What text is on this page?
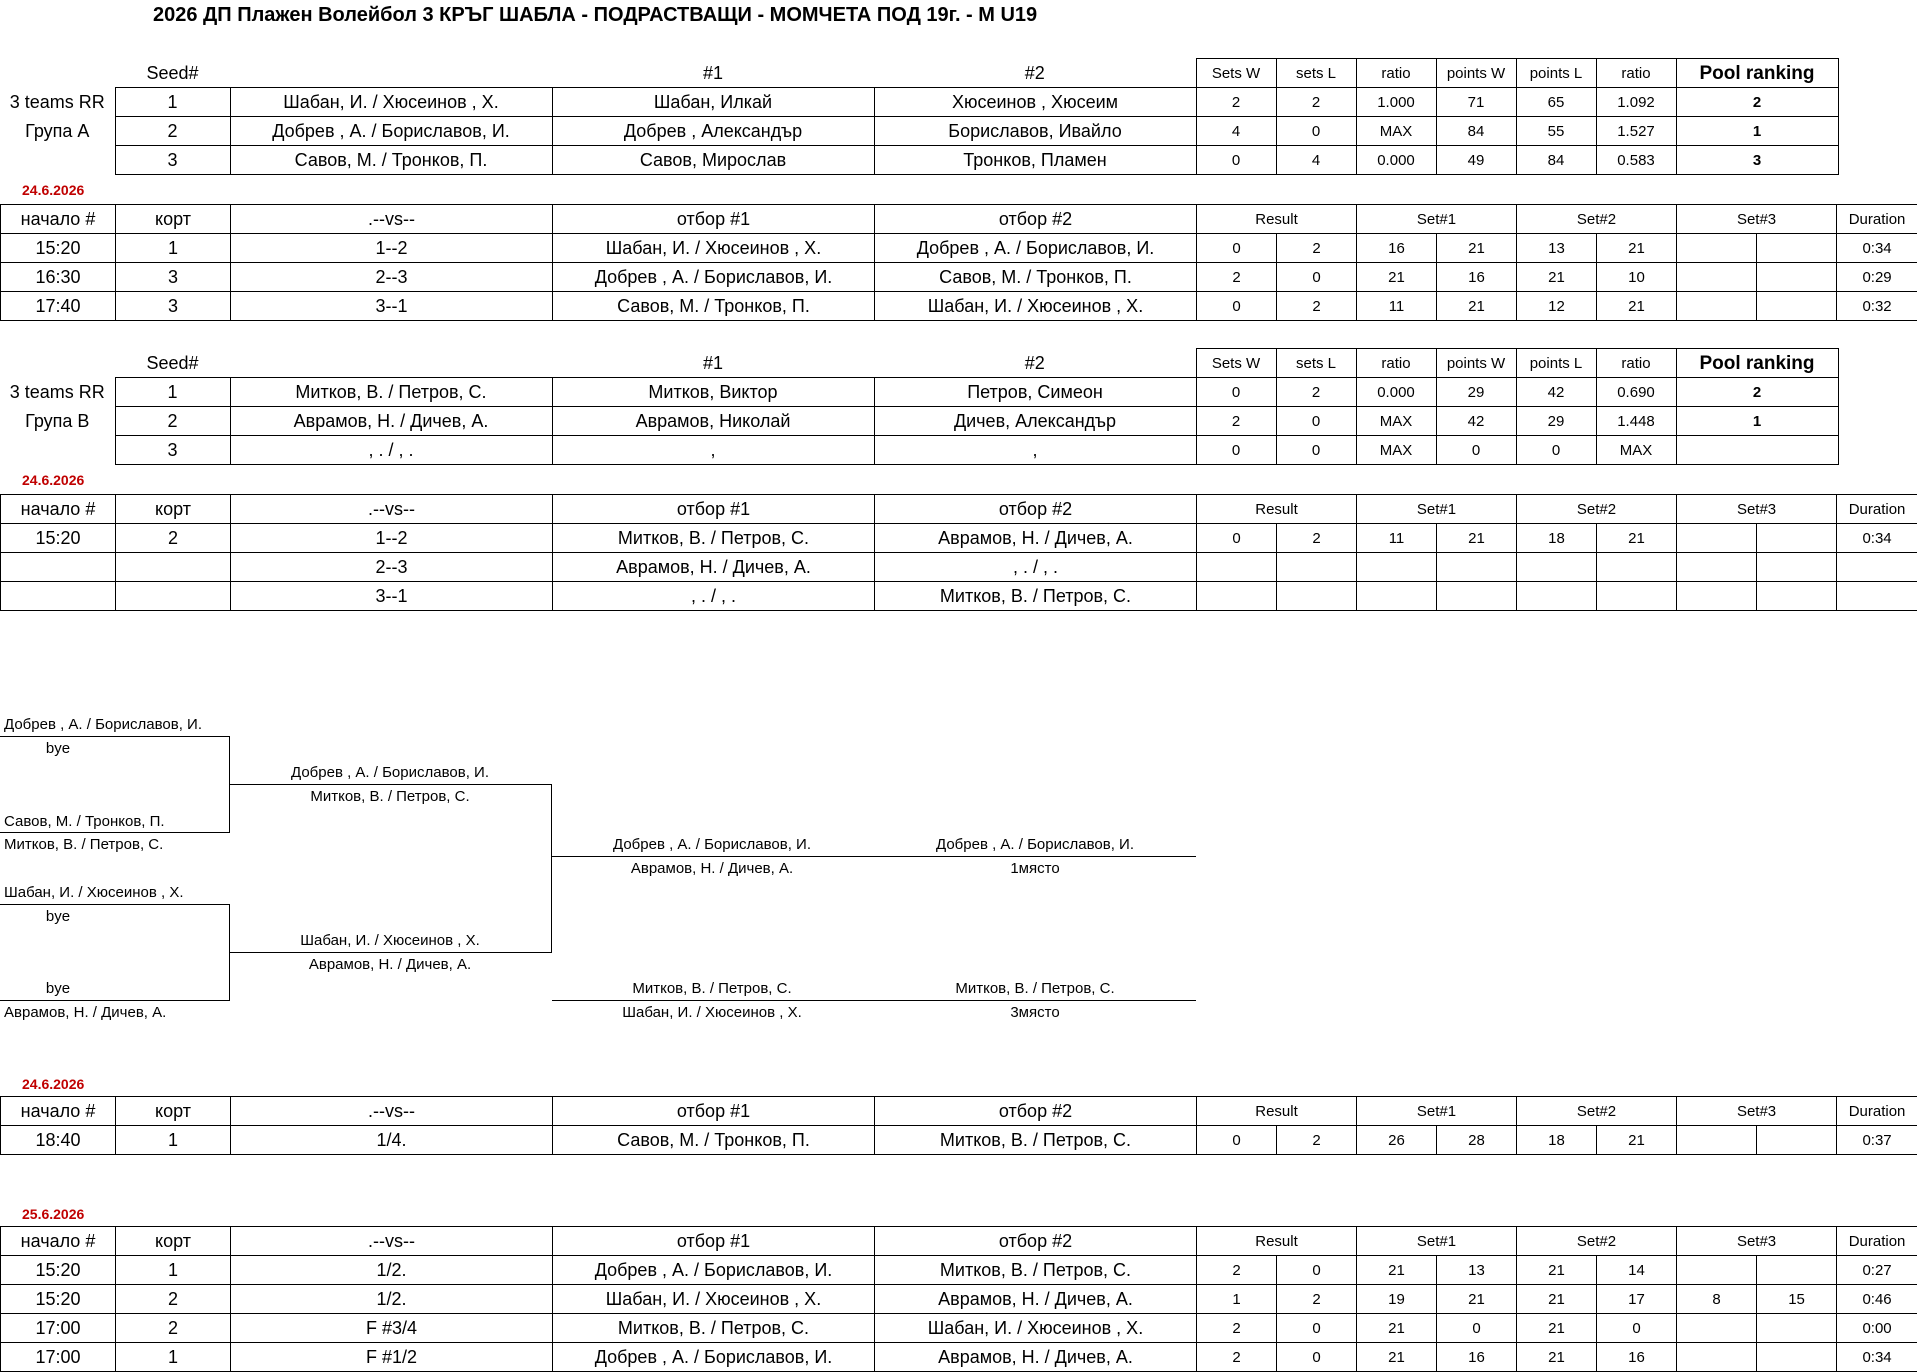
2026 ДП Плажен Волейбол 3 КРЪГ ШАБЛА - ПОДРАСТВАЩИ - МОМЧЕТА ПОД 19г. - М U19
	Seed#		#1	#2	Sets W	sets L	ratio	points W	points L	ratio	Pool ranking
3 teams RR	1	Шабан, И. / Хюсеинов , Х.	Шабан, Илкай	Хюсеинов , Хюсеим	2	2	1.000	71	65	1.092	2
Група А	2	Добрев , А. / Бориславов, И.	Добрев , Александър	Бориславов, Ивайло	4	0	MAX	84	55	1.527	1
	3	Савов, М. / Тронков, П.	Савов, Мирослав	Тронков, Пламен	0	4	0.000	49	84	0.583	3
24.6.2026
начало #	корт	.--vs--	отбор #1	отбор #2	Result		Set#1		Set#2		Set#3		Duration
15:20	1	1--2	Шабан, И. / Хюсеинов , Х.	Добрев , А. / Бориславов, И.	0	2	16	21	13	21			0:34
16:30	3	2--3	Добрев , А. / Бориславов, И.	Савов, М. / Тронков, П.	2	0	21	16	21	10			0:29
17:40	3	3--1	Савов, М. / Тронков, П.	Шабан, И. / Хюсеинов , Х.	0	2	11	21	12	21			0:32
	Seed#		#1	#2	Sets W	sets L	ratio	points W	points L	ratio	Pool ranking
3 teams RR	1	Митков, В. / Петров, С.	Митков, Виктор	Петров, Симеон	0	2	0.000	29	42	0.690	2
Група В	2	Аврамов, Н. / Дичев, А.	Аврамов, Николай	Дичев, Александър	2	0	MAX	42	29	1.448	1
	3	, . / , .	,	,	0	0	MAX	0	0	MAX	
24.6.2026
начало #	корт	.--vs--	отбор #1	отбор #2	Result		Set#1		Set#2		Set#3		Duration
15:20	2	1--2	Митков, В. / Петров, С.	Аврамов, Н. / Дичев, А.	0	2	11	21	18	21			0:34
		2--3	Аврамов, Н. / Дичев, А.	, . / , .									
		3--1	, . / , .	Митков, В. / Петров, С.									
Добрев , А. / Бориславов, И.
bye
Савов, М. / Тронков, П.
Митков, В. / Петров, С.
Добрев , А. / Бориславов, И.
Митков, В. / Петров, С.
Шабан, И. / Хюсеинов , Х.
bye
bye
Аврамов, Н. / Дичев, А.
Шабан, И. / Хюсеинов , Х.
Аврамов, Н. / Дичев, А.
Добрев , А. / Бориславов, И.
Аврамов, Н. / Дичев, А.
Добрев , А. / Бориславов, И.
1място
Митков, В. / Петров, С.
Шабан, И. / Хюсеинов , Х.
Митков, В. / Петров, С.
3място
24.6.2026
начало #	корт	.--vs--	отбор #1	отбор #2	Result		Set#1		Set#2		Set#3		Duration
18:40	1	1/4.	Савов, М. / Тронков, П.	Митков, В. / Петров, С.	0	2	26	28	18	21			0:37
25.6.2026
начало #	корт	.--vs--	отбор #1	отбор #2	Result		Set#1		Set#2		Set#3		Duration
15:20	1	1/2.	Добрев , А. / Бориславов, И.	Митков, В. / Петров, С.	2	0	21	13	21	14			0:27
15:20	2	1/2.	Шабан, И. / Хюсеинов , Х.	Аврамов, Н. / Дичев, А.	1	2	19	21	21	17	8	15	0:46
17:00	2	F #3/4	Митков, В. / Петров, С.	Шабан, И. / Хюсеинов , Х.	2	0	21	0	21	0			0:00
17:00	1	F #1/2	Добрев , А. / Бориславов, И.	Аврамов, Н. / Дичев, А.	2	0	21	16	21	16			0:34
